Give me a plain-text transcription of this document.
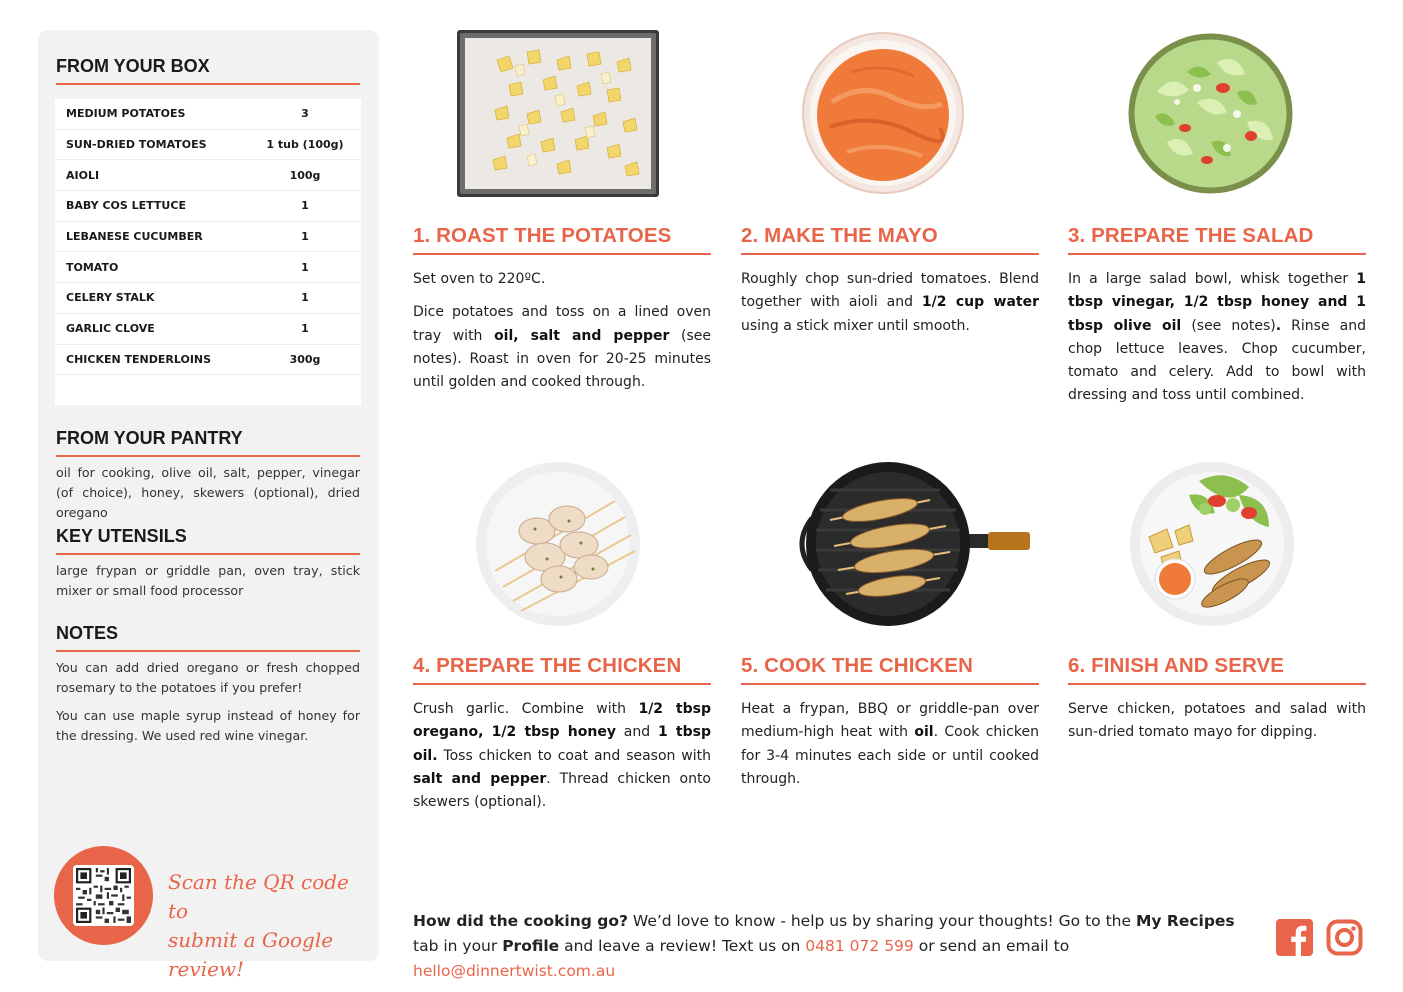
FROM YOUR BOX
MEDIUM POTATOES	3
SUN-DRIED TOMATOES	1 tub (100g)
AIOLI	100g
BABY COS LETTUCE	1
LEBANESE CUCUMBER	1
TOMATO	1
CELERY STALK	1
GARLIC CLOVE	1
CHICKEN TENDERLOINS	300g
FROM YOUR PANTRY
oil for cooking, olive oil, salt, pepper, vinegar (of choice), honey, skewers (optional), dried oregano
KEY UTENSILS
large frypan or griddle pan, oven tray, stick mixer or small food processor
NOTES
You can add dried oregano or fresh chopped rosemary to the potatoes if you prefer!
You can use maple syrup instead of honey for the dressing. We used red wine vinegar.
Scan the QR code to
submit a Google review!
1. ROAST THE POTATOES

Set oven to 220ºC.

Dice potatoes and toss on a lined oven tray with oil, salt and pepper (see notes). Roast in oven for 20-25 minutes until golden and cooked through.

2. MAKE THE MAYO

Roughly chop sun-dried tomatoes. Blend together with aioli and 1/2 cup water using a stick mixer until smooth.

3. PREPARE THE SALAD

In a large salad bowl, whisk together 1 tbsp vinegar, 1/2 tbsp honey and 1 tbsp olive oil (see notes). Rinse and chop lettuce leaves. Chop cucumber, tomato and celery. Add to bowl with dressing and toss until combined.

4. PREPARE THE CHICKEN

Crush garlic. Combine with 1/2 tbsp oregano, 1/2 tbsp honey and 1 tbsp oil. Toss chicken to coat and season with salt and pepper. Thread chicken onto skewers (optional).

5. COOK THE CHICKEN

Heat a frypan, BBQ or griddle-pan over medium-high heat with oil. Cook chicken for 3-4 minutes each side or until cooked through.

6. FINISH AND SERVE

Serve chicken, potatoes and salad with sun-dried tomato mayo for dipping.

How did the cooking go? We’d love to know - help us by sharing your thoughts! Go to the My Recipes tab in your Profile and leave a review! Text us on 0481 072 599 or send an email to hello@dinnertwist.com.au
